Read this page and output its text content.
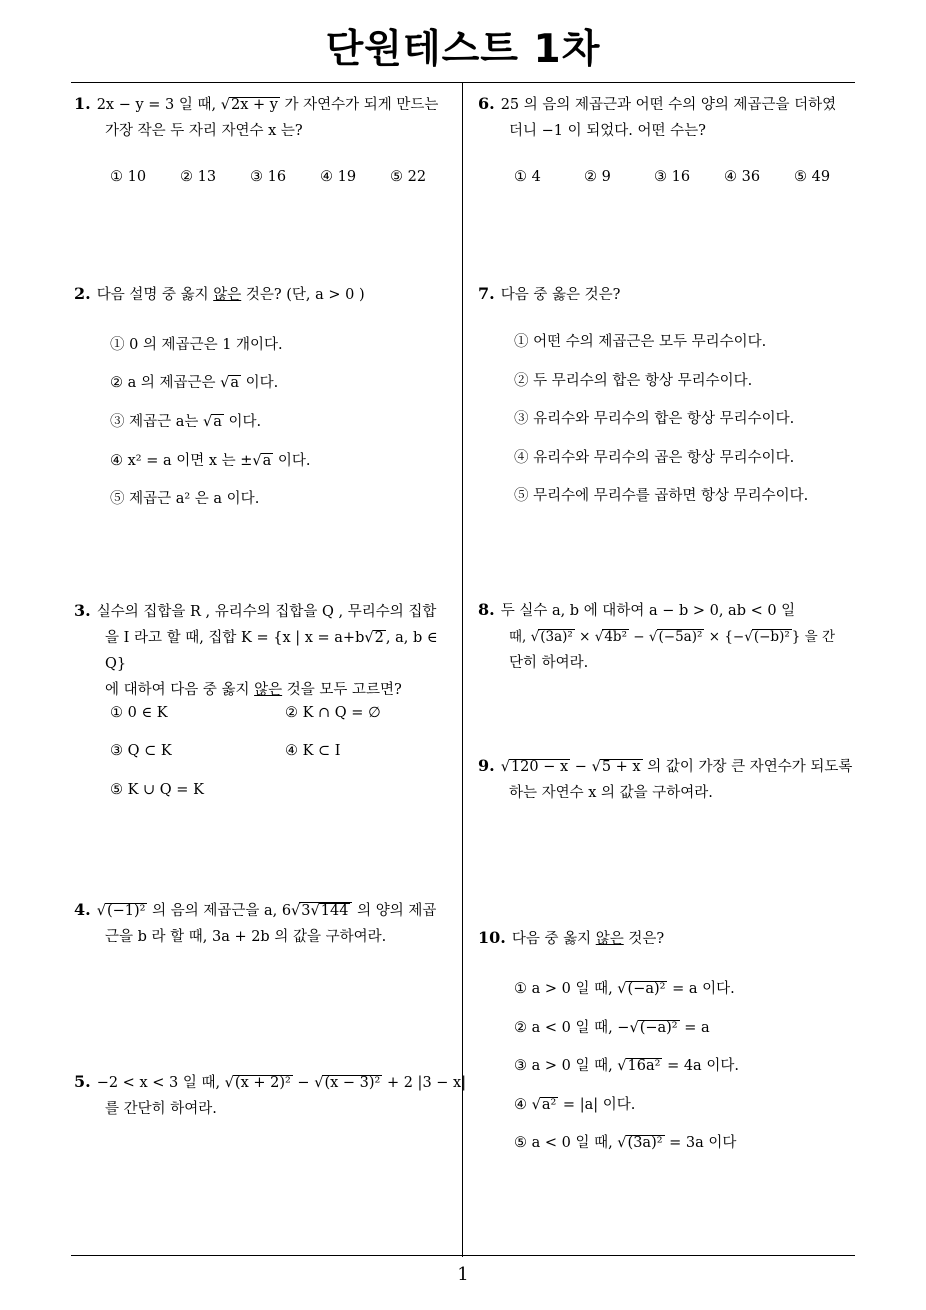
단원테스트 1차
1
1. 2x − y = 3 일 때, √2x + y 가 자연수가 되게 만드는
가장 작은 두 자리 자연수 x 는?
① 10 ② 13 ③ 16 ④ 19 ⑤ 22
2. 다음 설명 중 옳지 않은 것은? (단, a > 0 )
① 0 의 제곱근은 1 개이다.
② a 의 제곱근은 √a 이다.
③ 제곱근 a는 √a 이다.
④ x² = a 이면 x 는 ±√a 이다.
⑤ 제곱근 a² 은 a 이다.
3. 실수의 집합을 R , 유리수의 집합을 Q , 무리수의 집합
을 I 라고 할 때, 집합 K = {x | x = a+b√2 , a, b ∈ Q}
에 대하여 다음 중 옳지 않은 것을 모두 고르면?
① 0 ∈ K	② K ∩ Q = ∅
③ Q ⊂ K	④ K ⊂ I
⑤ K ∪ Q = K
4. √(−1)² 의 음의 제곱근을 a, 6√3√144 의 양의 제곱
근을 b 라 할 때, 3a + 2b 의 값을 구하여라.
5. −2 < x < 3 일 때, √(x + 2)² − √(x − 3)² + 2 |3 − x|
를 간단히 하여라.
6. 25 의 음의 제곱근과 어떤 수의 양의 제곱근을 더하였
더니 −1 이 되었다. 어떤 수는?
① 4	② 9	③ 16 ④ 36 ⑤ 49
7. 다음 중 옳은 것은?
① 어떤 수의 제곱근은 모두 무리수이다.
② 두 무리수의 합은 항상 무리수이다.
③ 유리수와 무리수의 합은 항상 무리수이다.
④ 유리수와 무리수의 곱은 항상 무리수이다.
⑤ 무리수에 무리수를 곱하면 항상 무리수이다.
8. 두 실수 a, b 에 대하여 a − b > 0, ab < 0 일
때, √(3a)² × √4b² − √(−5a)² × {−√(−b)² } 을 간
단히 하여라.
9. √120 − x − √5 + x 의 값이 가장 큰 자연수가 되도록
하는 자연수 x 의 값을 구하여라.
10. 다음 중 옳지 않은 것은?
① a > 0 일 때, √(−a)² = a 이다.
② a < 0 일 때, −√(−a)² = a
③ a > 0 일 때, √16a² = 4a 이다.
④ √a² = |a| 이다.
⑤ a < 0 일 때, √(3a)² = 3a 이다
